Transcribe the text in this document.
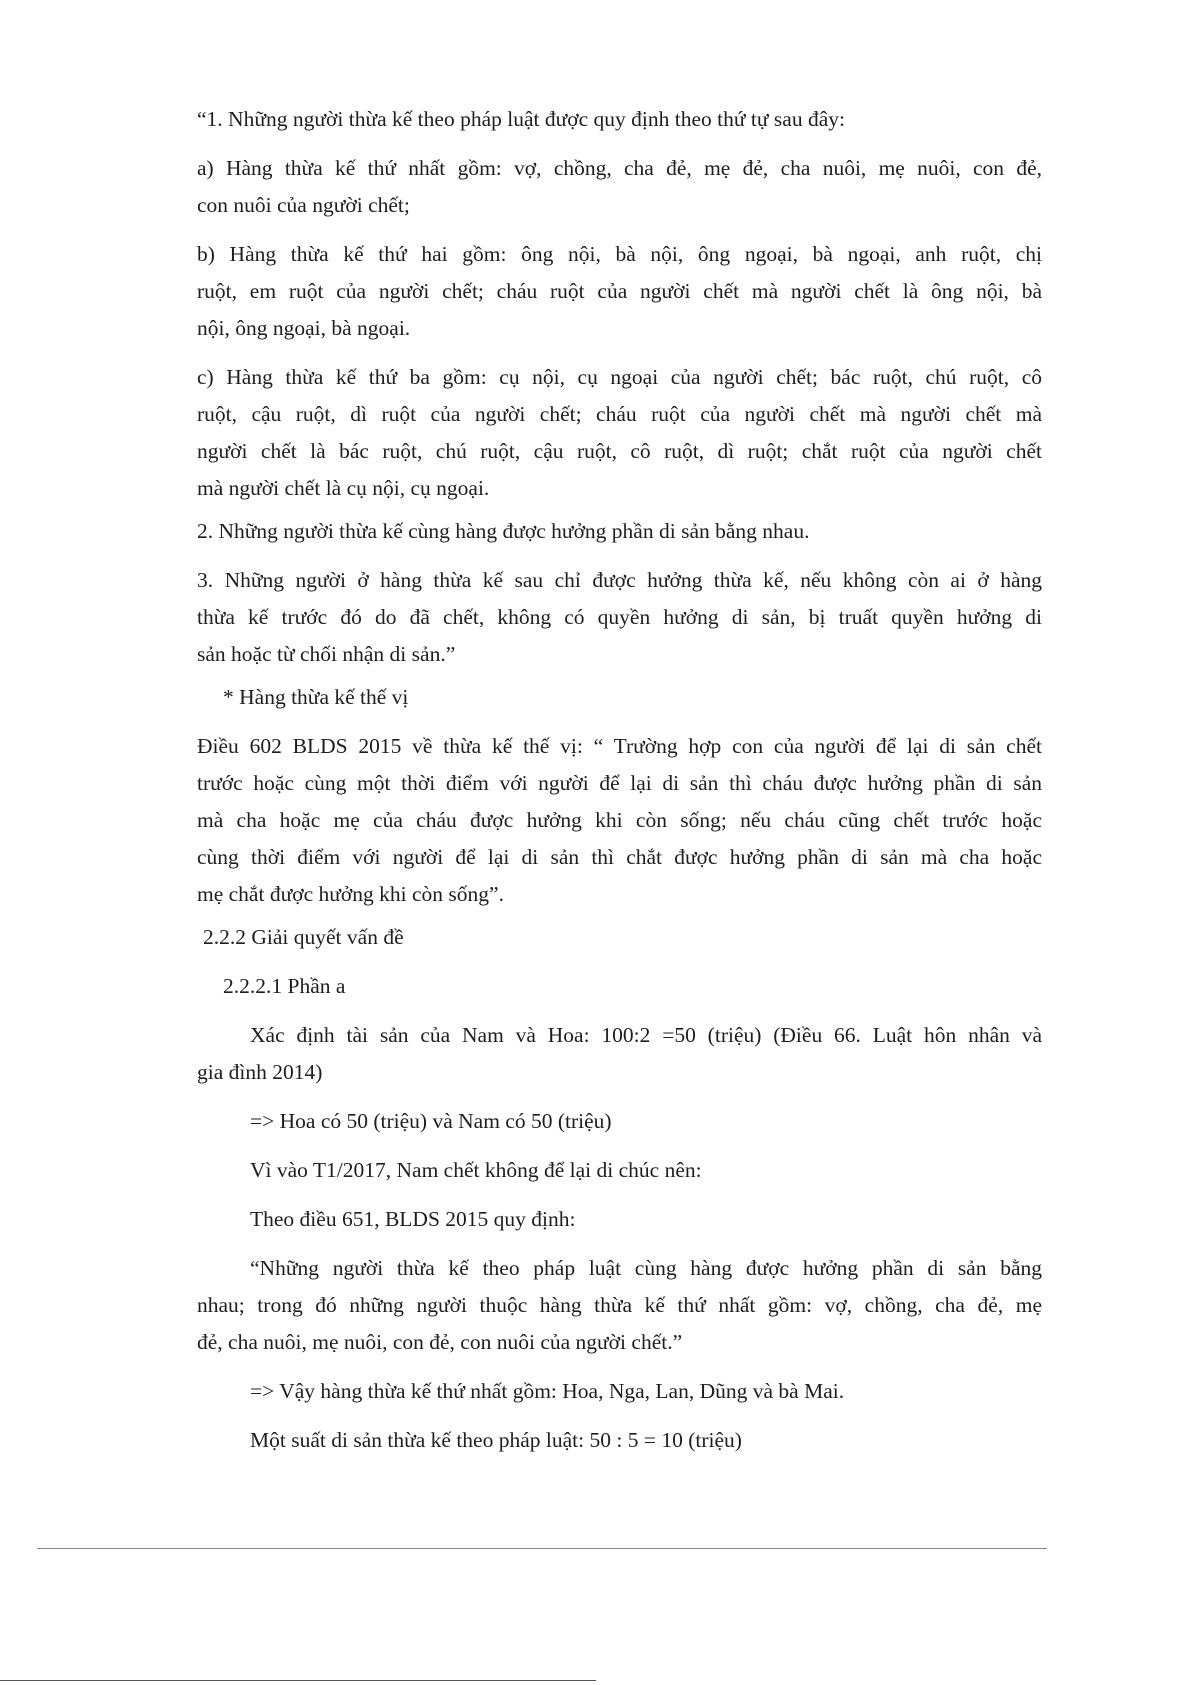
“1. Những người thừa kế theo pháp luật được quy định theo thứ tự sau đây:
a) Hàng thừa kế thứ nhất gồm: vợ, chồng, cha đẻ, mẹ đẻ, cha nuôi, mẹ nuôi, con đẻ,
con nuôi của người chết;
b) Hàng thừa kế thứ hai gồm: ông nội, bà nội, ông ngoại, bà ngoại, anh ruột, chị
ruột, em ruột của người chết; cháu ruột của người chết mà người chết là ông nội, bà
nội, ông ngoại, bà ngoại.
c) Hàng thừa kế thứ ba gồm: cụ nội, cụ ngoại của người chết; bác ruột, chú ruột, cô
ruột, cậu ruột, dì ruột của người chết; cháu ruột của người chết mà người chết mà
người chết là bác ruột, chú ruột, cậu ruột, cô ruột, dì ruột; chắt ruột của người chết
mà người chết là cụ nội, cụ ngoại.
2. Những người thừa kế cùng hàng được hưởng phần di sản bằng nhau.
3. Những người ở hàng thừa kế sau chỉ được hưởng thừa kế, nếu không còn ai ở hàng
thừa kế trước đó do đã chết, không có quyền hưởng di sản, bị truất quyền hưởng di
sản hoặc từ chối nhận di sản.”
* Hàng thừa kế thế vị
Điều 602 BLDS 2015 về thừa kế thế vị: “ Trường hợp con của người để lại di sản chết
trước hoặc cùng một thời điểm với người để lại di sản thì cháu được hưởng phần di sản
mà cha hoặc mẹ của cháu được hưởng khi còn sống; nếu cháu cũng chết trước hoặc
cùng thời điểm với người để lại di sản thì chắt được hưởng phần di sản mà cha hoặc
mẹ chắt được hưởng khi còn sống”.
2.2.2 Giải quyết vấn đề
2.2.2.1 Phần a
Xác định tài sản của Nam và Hoa: 100:2 =50 (triệu) (Điều 66. Luật hôn nhân và
gia đình 2014)
=> Hoa có 50 (triệu) và Nam có 50 (triệu)
Vì vào T1/2017, Nam chết không để lại di chúc nên:
Theo điều 651, BLDS 2015 quy định:
“Những người thừa kế theo pháp luật cùng hàng được hưởng phần di sản bằng
nhau; trong đó những người thuộc hàng thừa kế thứ nhất gồm: vợ, chồng, cha đẻ, mẹ
đẻ, cha nuôi, mẹ nuôi, con đẻ, con nuôi của người chết.”
=> Vậy hàng thừa kế thứ nhất gồm: Hoa, Nga, Lan, Dũng và bà Mai.
Một suất di sản thừa kế theo pháp luật: 50 : 5 = 10 (triệu)
